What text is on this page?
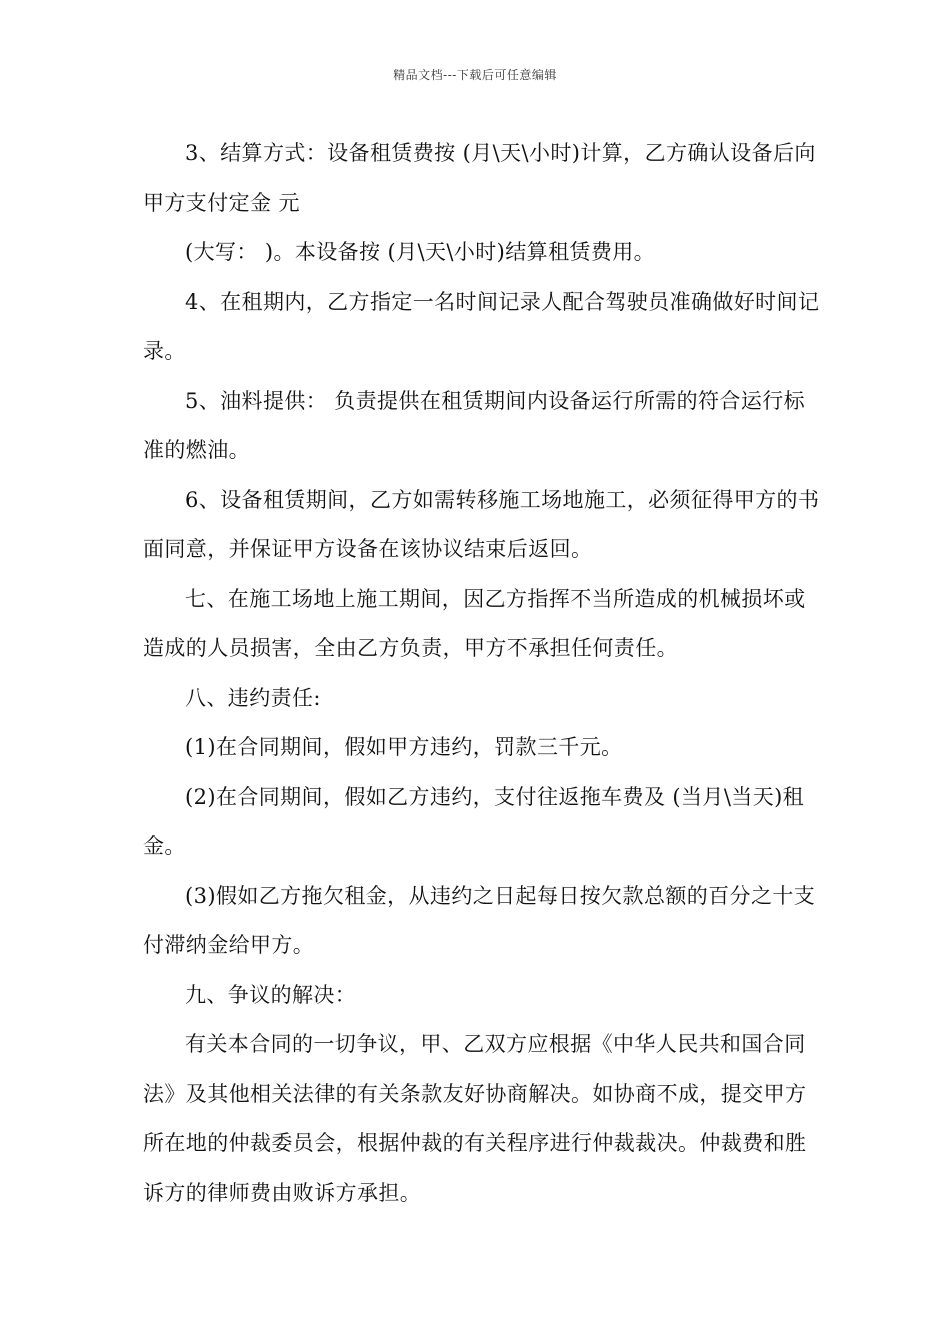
精品文档---下载后可任意编辑

3、结算方式：设备租赁费按 (月\天\小时)计算，乙方确认设备后向甲方支付定金 元

(大写： )。本设备按 (月\天\小时)结算租赁费用。

4、在租期内，乙方指定一名时间记录人配合驾驶员准确做好时间记录。

5、油料提供： 负责提供在租赁期间内设备运行所需的符合运行标准的燃油。

6、设备租赁期间，乙方如需转移施工场地施工，必须征得甲方的书面同意，并保证甲方设备在该协议结束后返回。

七、在施工场地上施工期间，因乙方指挥不当所造成的机械损坏或造成的人员损害，全由乙方负责，甲方不承担任何责任。

八、违约责任:

(1)在合同期间，假如甲方违约，罚款三千元。

(2)在合同期间，假如乙方违约，支付往返拖车费及 (当月\当天)租金。

(3)假如乙方拖欠租金，从违约之日起每日按欠款总额的百分之十支付滞纳金给甲方。

九、争议的解决：

有关本合同的一切争议，甲、乙双方应根据《中华人民共和国合同法》及其他相关法律的有关条款友好协商解决。如协商不成，提交甲方所在地的仲裁委员会，根据仲裁的有关程序进行仲裁裁决。仲裁费和胜诉方的律师费由败诉方承担。
